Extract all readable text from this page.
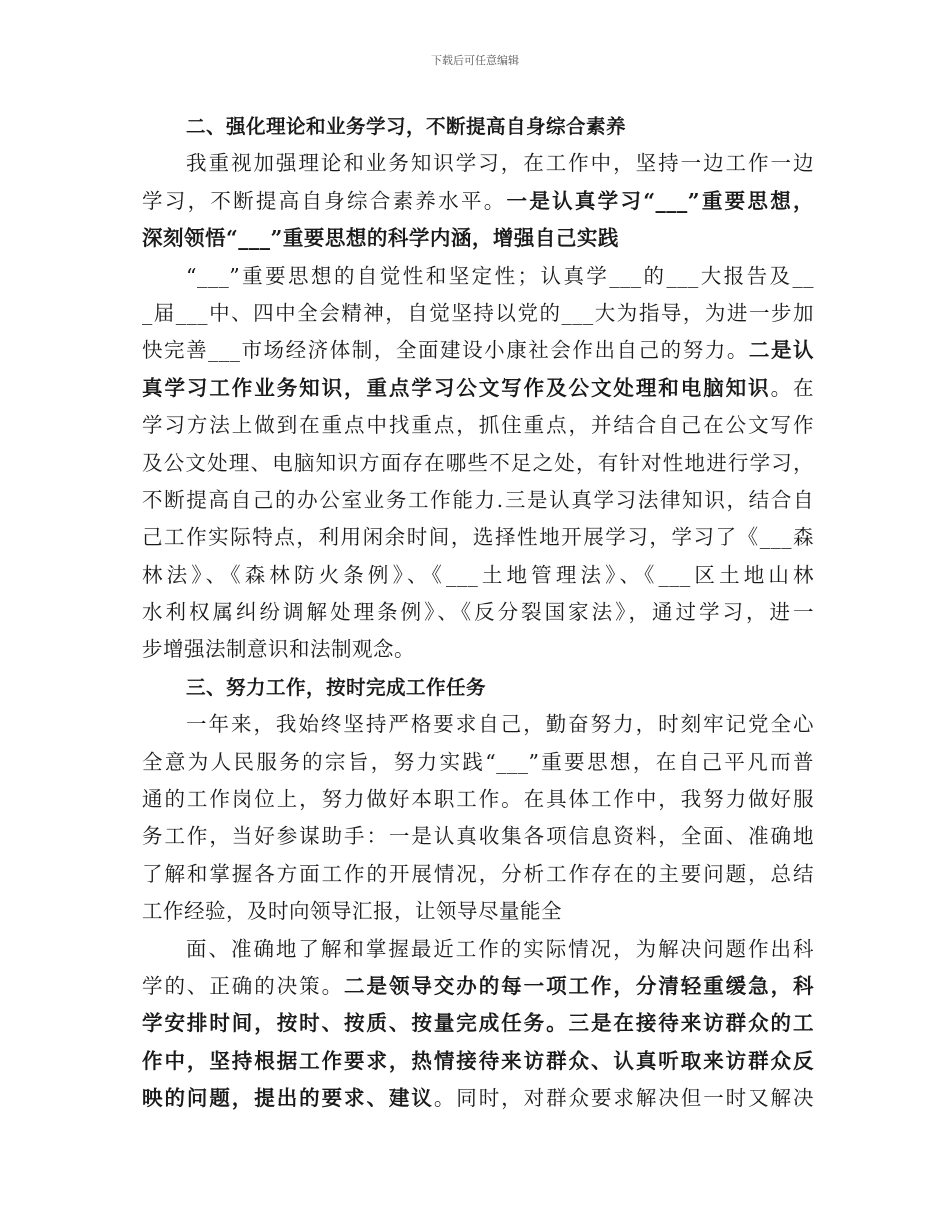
下载后可任意编辑
二、强化理论和业务学习，不断提高自身综合素养
我重视加强理论和业务知识学习，在工作中，坚持一边工作一边
学习，不断提高自身综合素养水平。一是认真学习“___”重要思想，
深刻领悟“___”重要思想的科学内涵，增强自己实践
“___”重要思想的自觉性和坚定性；认真学___的___大报告及__
_届___中、四中全会精神，自觉坚持以党的___大为指导，为进一步加
快完善___市场经济体制，全面建设小康社会作出自己的努力。二是认
真学习工作业务知识，重点学习公文写作及公文处理和电脑知识。在
学习方法上做到在重点中找重点，抓住重点，并结合自己在公文写作
及公文处理、电脑知识方面存在哪些不足之处，有针对性地进行学习，
不断提高自己的办公室业务工作能力.三是认真学习法律知识，结合自
己工作实际特点，利用闲余时间，选择性地开展学习，学习了《___森
林法》、《森林防火条例》、《___土地管理法》、《___区土地山林
水利权属纠纷调解处理条例》、《反分裂国家法》，通过学习，进一
步增强法制意识和法制观念。
三、努力工作，按时完成工作任务
一年来，我始终坚持严格要求自己，勤奋努力，时刻牢记党全心
全意为人民服务的宗旨，努力实践“___”重要思想，在自己平凡而普
通的工作岗位上，努力做好本职工作。在具体工作中，我努力做好服
务工作，当好参谋助手：一是认真收集各项信息资料，全面、准确地
了解和掌握各方面工作的开展情况，分析工作存在的主要问题，总结
工作经验，及时向领导汇报，让领导尽量能全
面、准确地了解和掌握最近工作的实际情况，为解决问题作出科
学的、正确的决策。二是领导交办的每一项工作，分清轻重缓急，科
学安排时间，按时、按质、按量完成任务。三是在接待来访群众的工
作中，坚持根据工作要求，热情接待来访群众、认真听取来访群众反
映的问题，提出的要求、建议。同时，对群众要求解决但一时又解决
